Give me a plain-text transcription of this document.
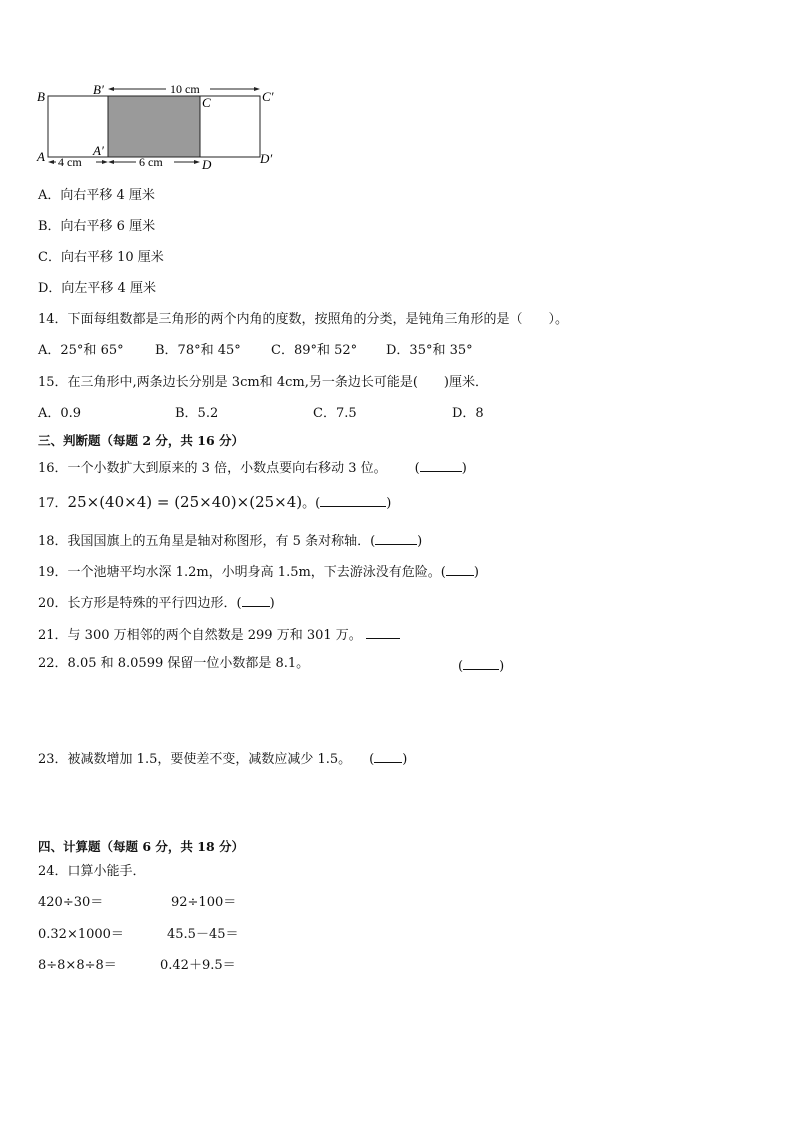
10 cm
4 cm	6 cm
B	B′
C	C′
A	A′
D	D′
A．向右平移 4 厘米
B．向右平移 6 厘米
C．向右平移 10 厘米
D．向左平移 4 厘米
14．下面每组数都是三角形的两个内角的度数，按照角的分类，是钝角三角形的是（　　）。
A．25°和 65° B．78°和 45° C．89°和 52° D．35°和 35°
15．在三角形中,两条边长分别是 3cm和 4cm,另一条边长可能是(　　)厘米．
A．0.9	B．5.2	C．7.5	D．8
三、判断题（每题 2 分，共 16 分）
16．一个小数扩大到原来的 3 倍，小数点要向右移动 3 位。 (	)
17．25×(40×4) = (25×40)×(25×4)。(	)
18．我国国旗上的五角星是轴对称图形，有 5 条对称轴．(	)
19．一个池塘平均水深 1.2m，小明身高 1.5m，下去游泳没有危险。( )
20．长方形是特殊的平行四边形．( )
21．与 300 万相邻的两个自然数是 299 万和 301 万。
22．8.05 和 8.0599 保留一位小数都是 8.1。	(	)
23．被减数增加 1.5，要使差不变，减数应减少 1.5。 ( )
四、计算题（每题 6 分，共 18 分）
24．口算小能手．
420÷30＝	92÷100＝
0.32×1000＝	45.5－45＝
8÷8×8÷8＝	0.42＋9.5＝
